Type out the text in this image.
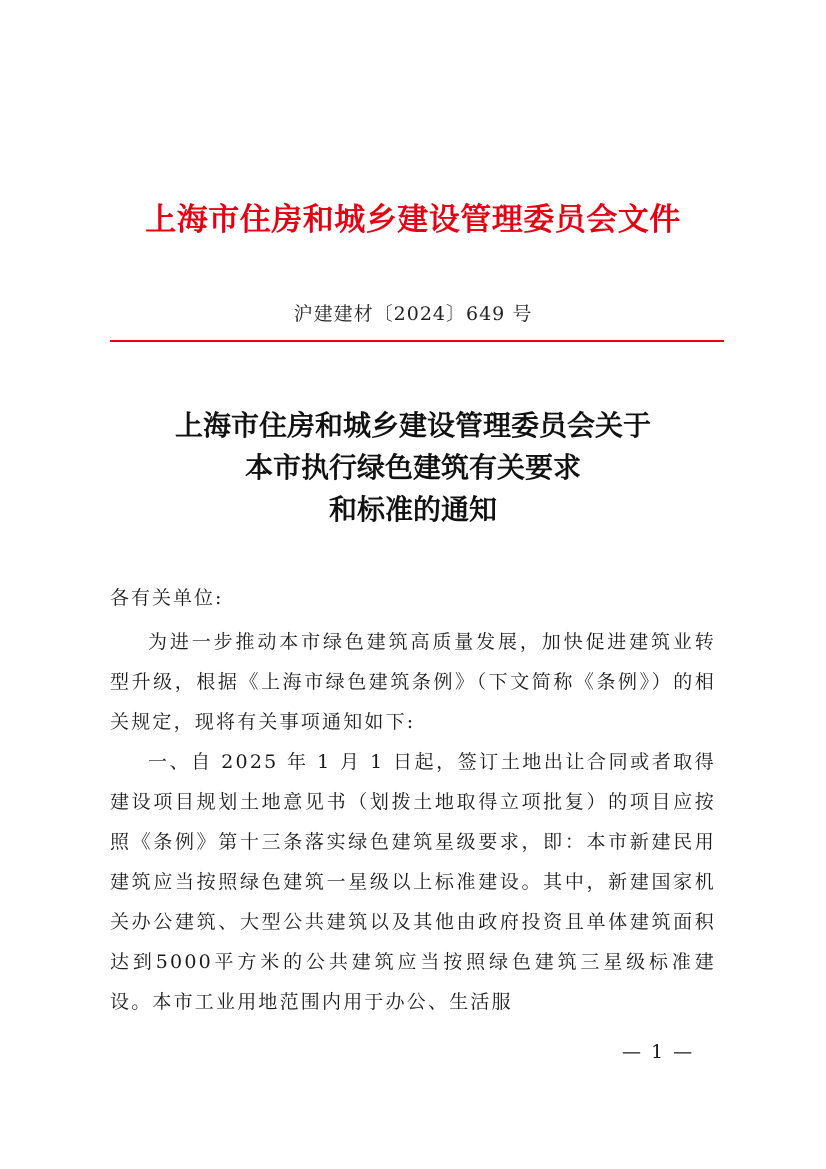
上海市住房和城乡建设管理委员会文件
沪建建材〔2024〕649 号
上海市住房和城乡建设管理委员会关于
本市执行绿色建筑有关要求
和标准的通知
各有关单位:

为进一步推动本市绿色建筑高质量发展，加快促进建筑业转型升级，根据《上海市绿色建筑条例》（下文简称《条例》）的相关规定，现将有关事项通知如下:

一、自 2025 年 1 月 1 日起，签订土地出让合同或者取得建设项目规划土地意见书（划拨土地取得立项批复）的项目应按照《条例》第十三条落实绿色建筑星级要求，即：本市新建民用建筑应当按照绿色建筑一星级以上标准建设。其中，新建国家机关办公建筑、大型公共建筑以及其他由政府投资且单体建筑面积达到5000平方米的公共建筑应当按照绿色建筑三星级标准建设。本市工业用地范围内用于办公、生活服

— 1 —
